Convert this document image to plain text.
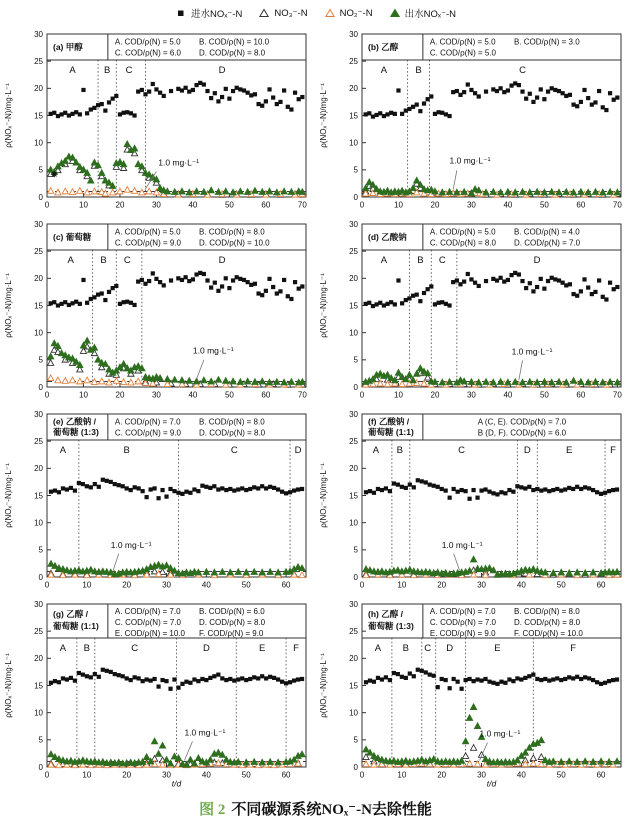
进水NOₓ⁻-N	NO₃⁻-N	NO₂⁻-N	出水NOₓ⁻-N
0
5
10
15
20
25
30
0	10	20	30	40	50	60	70
ρ(NOₓ⁻-N)/mg·L⁻¹
(a) 甲醇	A. COD/ρ(N) = 5.0 B. COD/ρ(N) = 10.0
C. COD/ρ(N) = 6.0 D. COD/ρ(N) = 8.0
A	B C	D
1.0 mg·L⁻¹
0
5
10
15
20
25
30
0	10	20	30	40	50	60	70
ρ(NOₓ⁻-N)/mg·L⁻¹
(b) 乙醇	A. COD/ρ(N) = 5.0 B. COD/ρ(N) = 3.0
C. COD/ρ(N) = 5.0
A	B	C
1.0 mg·L⁻¹
0
5
10
15
20
25
30
0	10	20	30	40	50	60	70
ρ(NOₓ⁻-N)/mg·L⁻¹
(c) 葡萄糖	A. COD/ρ(N) = 5.0 B. COD/ρ(N) = 8.0
C. COD/ρ(N) = 9.0 D. COD/ρ(N) = 10.0
A	B C	D
1.0 mg·L⁻¹
0
5
10
15
20
25
30
0	10	20	30	40	50	60	70
ρ(NOₓ⁻-N)/mg·L⁻¹
(d) 乙酸钠	A. COD/ρ(N) = 5.0 B. COD/ρ(N) = 4.0
C. COD/ρ(N) = 8.0 D. COD/ρ(N) = 7.0
A	B C	D
1.0 mg·L⁻¹
0
5
10
15
20
25
30
0	10	20	30	40	50	60
ρ(NOₓ⁻-N)/mg·L⁻¹
(e) 乙酸钠 /
葡萄糖 (1:3)
A. COD/ρ(N) = 7.0 B. COD/ρ(N) = 8.0
C. COD/ρ(N) = 9.0 D. COD/ρ(N) = 8.0
A	B	C	D
1.0 mg·L⁻¹
0
5
10
15
20
25
30
0	10	20	30	40	50	60
ρ(NOₓ⁻-N)/mg·L⁻¹
(f) 乙酸钠 /
葡萄糖 (1:1)
A (C, E). COD/ρ(N) = 7.0
B (D, F). COD/ρ(N) = 6.0
A B	C	D	E	F
1.0 mg·L⁻¹
0
5
10
15
20
25
30
0	10	20	30	40	50	60
ρ(NOₓ⁻-N)/mg·L⁻¹
t/d
(g) 乙醇 /
葡萄糖 (1:1)
A. COD/ρ(N) = 7.0 B. COD/ρ(N) = 6.0
C. COD/ρ(N) = 7.0 D. COD/ρ(N) = 8.0
E. COD/ρ(N) = 10.0 F. COD/ρ(N) = 9.0
A B	C	D	E	F
1.0 mg·L⁻¹
0
5
10
15
20
25
30
0	10	20	30	40	50	60
ρ(NOₓ⁻-N)/mg·L⁻¹
t/d
(h) 乙醇 /
葡萄糖 (1:3)
A. COD/ρ(N) = 7.0 B. COD/ρ(N) = 8.0
C. COD/ρ(N) = 7.0 D. COD/ρ(N) = 8.0
E. COD/ρ(N) = 9.0 F. COD/ρ(N) = 10.0
A B C D	E	F
1.0 mg·L⁻¹
图 2 不同碳源系统NOₓ⁻-N去除性能
